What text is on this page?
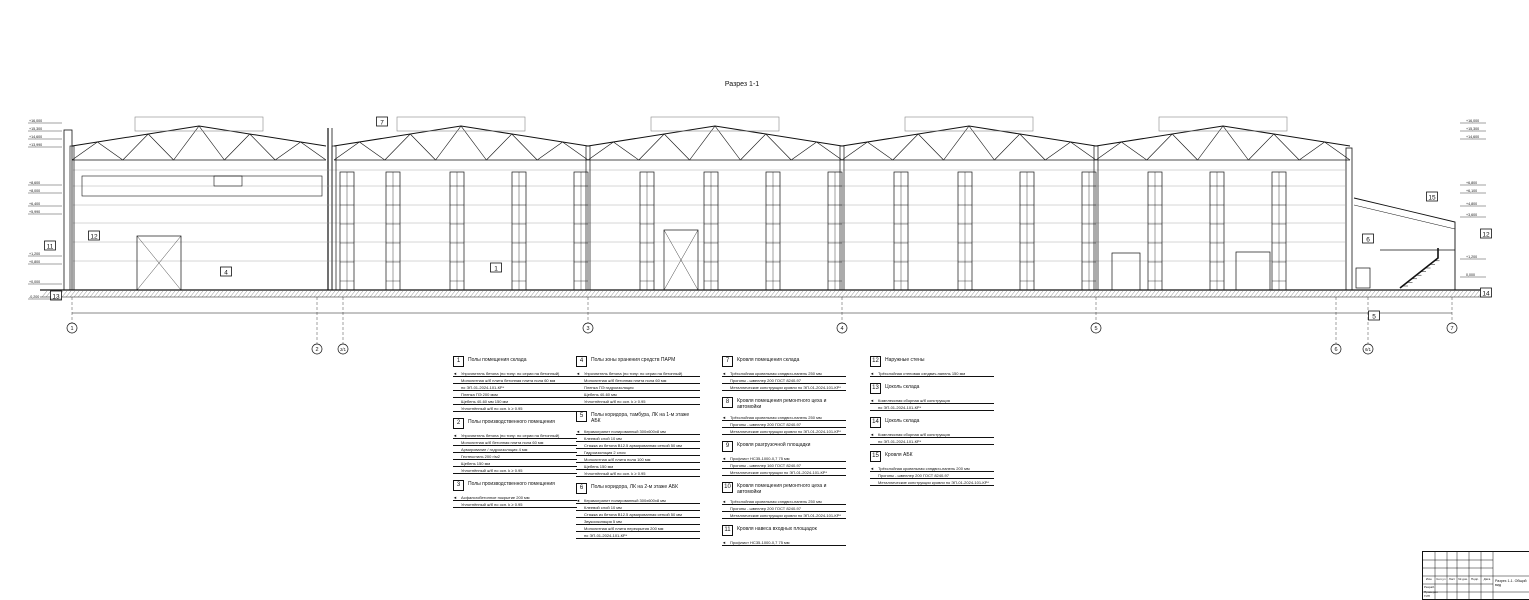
Разрез 1-1
7
12
11
4
1
15
6
12
13	14
5
1
2	2/1
3	4	5
6	6/1
7
+16,000
+15,300
+14,600
+13,990
+8,600
+8,000
+6,400
+5,990
+1,200
+0,800
+0,000
-0,200
+16,000
+15,300
+14,600
+6,800
+6,100
+4,800
+3,600
+1,200
0,000
1	Полы помещения склада
◄ Упрочнитель бетона (по типу: по серии на бетонный)
Монолитная ж/б плита бетонная плита пола 60 мм
по ЭП-01-2024-101-КР*
Пленка ПЭ 200 мкм
Щебень 40-60 мм 150 мм
Уплотнённый ж/б по осн. k ≥ 0.95
2	Полы производственного помещения
◄ Упрочнитель бетона (по типу: по серии на бетонный)
Монолитная ж/б бетонная плита пола 60 мм
Армирование / гидроизоляция 4 мм
Геотекстиль 200 г/м2
Щебень 150 мм
Уплотнённый ж/б по осн. k ≥ 0.95
3	Полы производственного помещения
◄ Асфальтобетонное покрытие 200 мм
Уплотнённый ж/б по осн. k ≥ 0.95
4	Полы зоны хранения средств ПАРМ
◄ Упрочнитель бетона (по типу: по серии на бетонный)
Монолитная ж/б бетонная плита пола 60 мм
Пленка ПЭ гидроизоляция
Щебень 40-60 мм
Уплотнённый ж/б по осн. k ≥ 0.95
5	Полы коридора, тамбура, ЛК на 1-м этаже АБК
◄ Керамогранит полированный 300x600x8 мм
Клеевой слой 10 мм
Стяжка из бетона В12.5 армированная сеткой 50 мм
Гидроизоляция 2 слоя
Монолитная ж/б плита пола 100 мм
Щебень 150 мм
Уплотнённый ж/б по осн. k ≥ 0.95
6	Полы коридора, ЛК на 2-м этаже АБК
◄ Керамогранит полированный 300x600x8 мм
Клеевой слой 10 мм
Стяжка из бетона В12.5 армированная сеткой 50 мм
Звукоизоляция 5 мм
Монолитная ж/б плита перекрытия 200 мм
по ЭП-01-2024-101-КР*
7	Кровля помещения склада
◄ Трёхслойная кровельная сэндвич-панель 250 мм
Прогоны - швеллер 200 ГОСТ 8240-97
Металлические конструкции кровли по ЭП-01-2024-101-КР*
8	Кровля помещения ремонтного цеха и автомойки
◄ Трёхслойная кровельная сэндвич-панель 250 мм
Прогоны - швеллер 200 ГОСТ 8240-97
Металлические конструкции кровли по ЭП-01-2024-101-КР*
9	Кровля разгрузочной площадки
◄ Профлист НС35-1000-0,7 75 мм
Прогоны - швеллер 160 ГОСТ 8240-97
Металлические конструкции по ЭП-01-2024-101-КР*
10	Кровля помещения ремонтного цеха и автомойки
◄ Трёхслойная кровельная сэндвич-панель 250 мм
Прогоны - швеллер 200 ГОСТ 8240-97
Металлические конструкции кровли по ЭП-01-2024-101-КР*
11	Кровля навеса входных площадок
◄ Профлист НС35-1000-0,7 75 мм
12	Наружные стены
◄ Трёхслойная стеновая сэндвич-панель 150 мм
13	Цоколь склада
◄ Комплексная сборная ж/б конструкция
по ЭП-01-2024-101-КР*
14	Цоколь склада
◄ Комплексная сборная ж/б конструкция
по ЭП-01-2024-101-КР*
15	Кровля АБК
◄ Трёхслойная кровельная сэндвич-панель 200 мм
Прогоны - швеллер 200 ГОСТ 8240-97
Металлические конструкции кровли по ЭП-01-2024-101-КР*
Изм.	Кол.уч	Лист № док.	Подп.	Дата	Разрез 1-1. Общий вид
Разраб.
Проверил
ГИП
